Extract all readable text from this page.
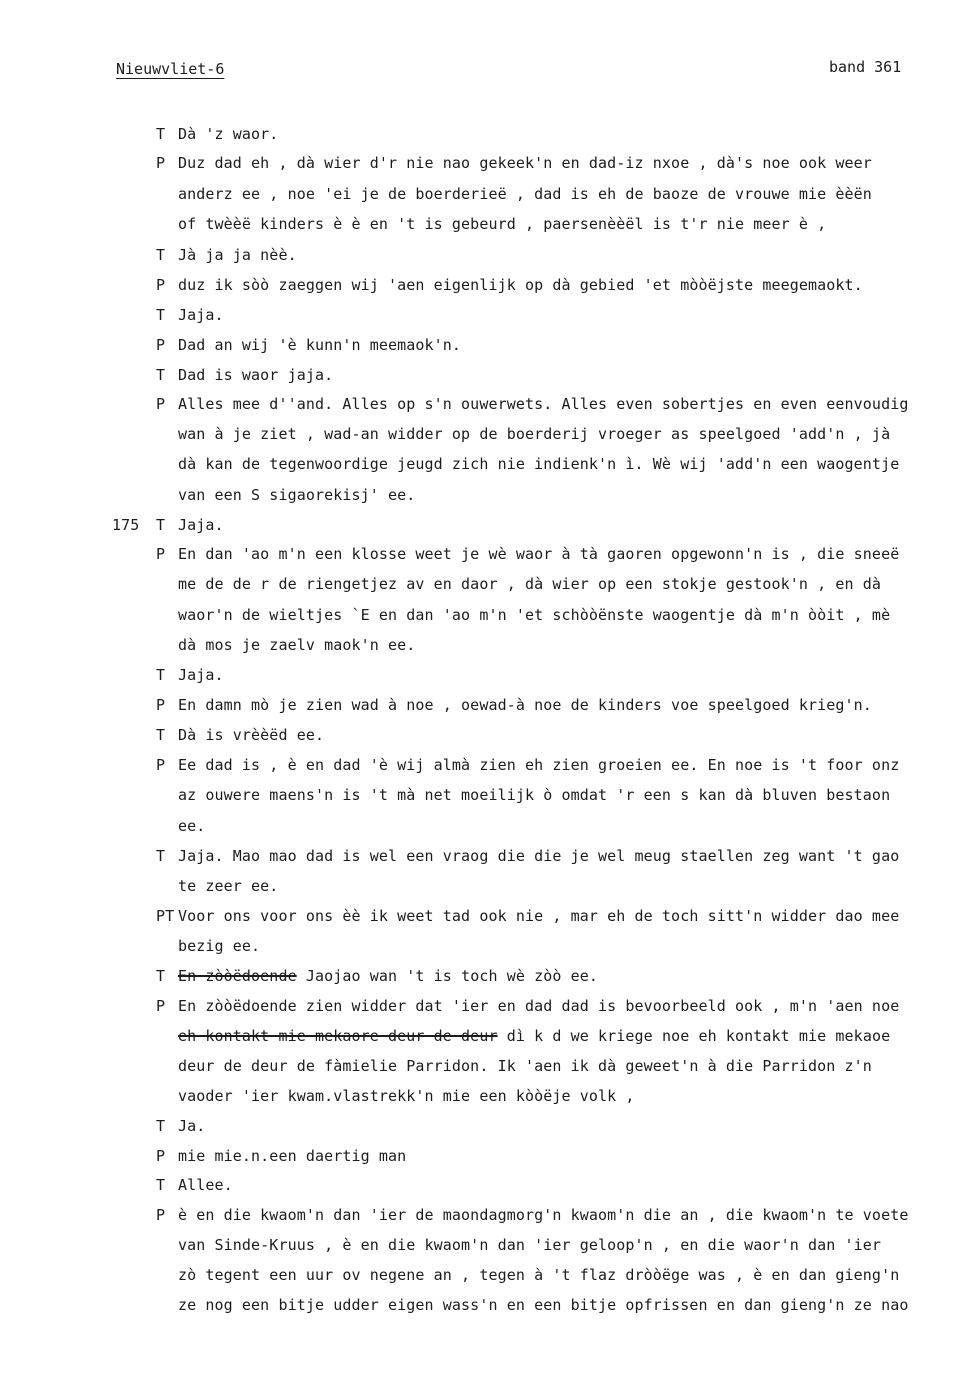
Nieuwvliet-6	band 361
T Dà 'z waor.
P Duz dad eh , dà wier d'r nie nao gekeek'n en dad-iz nxoe , dà's noe ook weer
anderz ee , noe 'ei je de boerderieë , dad is eh de baoze de vrouwe mie èèën
of twèèë kinders è è en 't is gebeurd , paersenèèël is t'r nie meer è ,
T Jà ja ja nèè.
P duz ik sòò zaeggen wij 'aen eigenlijk op dà gebied 'et mòòëjste meegemaokt.
T Jaja.
P Dad an wij 'è kunn'n meemaok'n.
T Dad is waor jaja.
P Alles mee d''and. Alles op s'n ouwerwets. Alles even sobertjes en even eenvoudig
wan à je ziet , wad-an widder op de boerderij vroeger as speelgoed 'add'n , jà
dà kan de tegenwoordige jeugd zich nie indienk'n ì. Wè wij 'add'n een waogentje
van een S sigaorekisj' ee.
175	T Jaja.
P En dan 'ao m'n een klosse weet je wè waor à tà gaoren opgewonn'n is , die sneeë
me de de r de riengetjez av en daor , dà wier op een stokje gestook'n , en dà
waor'n de wieltjes `E en dan 'ao m'n 'et schòòënste waogentje dà m'n òòit , mè
dà mos je zaelv maok'n ee.
T Jaja.
P En damn mò je zien wad à noe , oewad-à noe de kinders voe speelgoed krieg'n.
T Dà is vrèèëd ee.
P Ee dad is , è en dad 'è wij almà zien eh zien groeien ee. En noe is 't foor onz
az ouwere maens'n is 't mà net moeilijk ò omdat 'r een s kan dà bluven bestaon
ee.
T Jaja. Mao mao dad is wel een vraog die die je wel meug staellen zeg want 't gao
te zeer ee.
PT Voor ons voor ons èè ik weet tad ook nie , mar eh de toch sitt'n widder dao mee
bezig ee.
T En zòòëdoende Jaojao wan 't is toch wè zòò ee.
P En zòòëdoende zien widder dat 'ier en dad dad is bevoorbeeld ook , m'n 'aen noe
eh kontakt mie mekaore deur de deur dì k d we kriege noe eh kontakt mie mekaoe
deur de deur de fàmielie Parridon. Ik 'aen ik dà geweet'n à die Parridon z'n
vaoder 'ier kwam.vlastrekk'n mie een kòòëje volk ,
T Ja.
P mie mie.n.een daertig man
T Allee.
P è en die kwaom'n dan 'ier de maondagmorg'n kwaom'n die an , die kwaom'n te voete
van Sinde-Kruus , è en die kwaom'n dan 'ier geloop'n , en die waor'n dan 'ier
zò tegent een uur ov negene an , tegen à 't flaz dròòëge was , è en dan gieng'n
ze nog een bitje udder eigen wass'n en een bitje opfrissen en dan gieng'n ze nao
